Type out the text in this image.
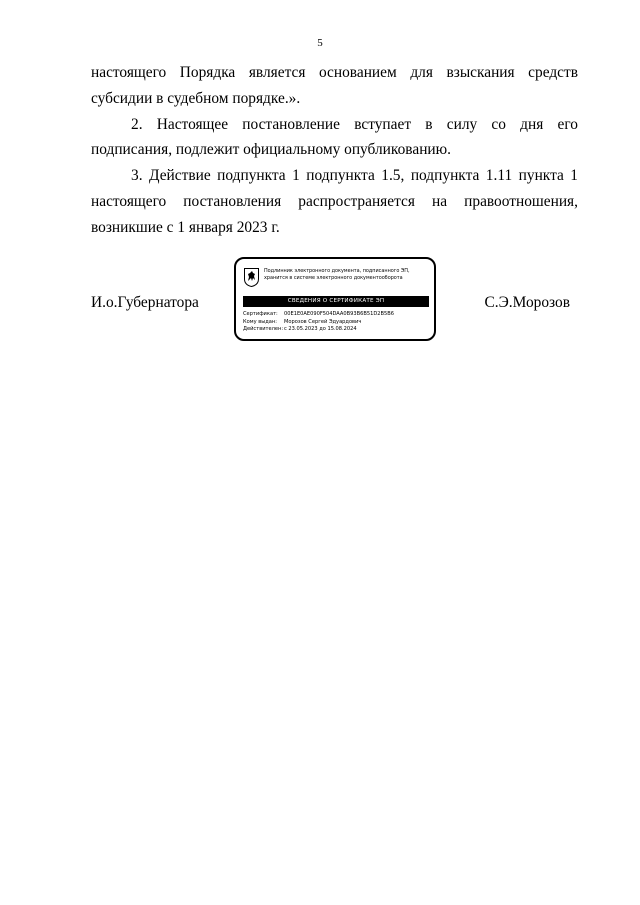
5

настоящего Порядка является основанием для взыскания средств субсидии в судебном порядке.».

2. Настоящее постановление вступает в силу со дня его подписания, подлежит официальному опубликованию.

3. Действие подпункта 1 подпункта 1.5, подпункта 1.11 пункта 1 настоящего постановления распространяется на правоотношения, возникшие с 1 января 2023 г.

И.о.Губернатора	С.Э.Морозов
Подлинник электронного документа, подписанного ЭП,
хранится в системе электронного документооборота
СВЕДЕНИЯ О СЕРТИФИКАТЕ ЭП
Сертификат:	00E1E0AE090F504DAA0B93B6B51D2B5B6
Кому выдан:	Морозов Сергей Эдуардович
Действителен: с 23.05.2023 до 15.08.2024
